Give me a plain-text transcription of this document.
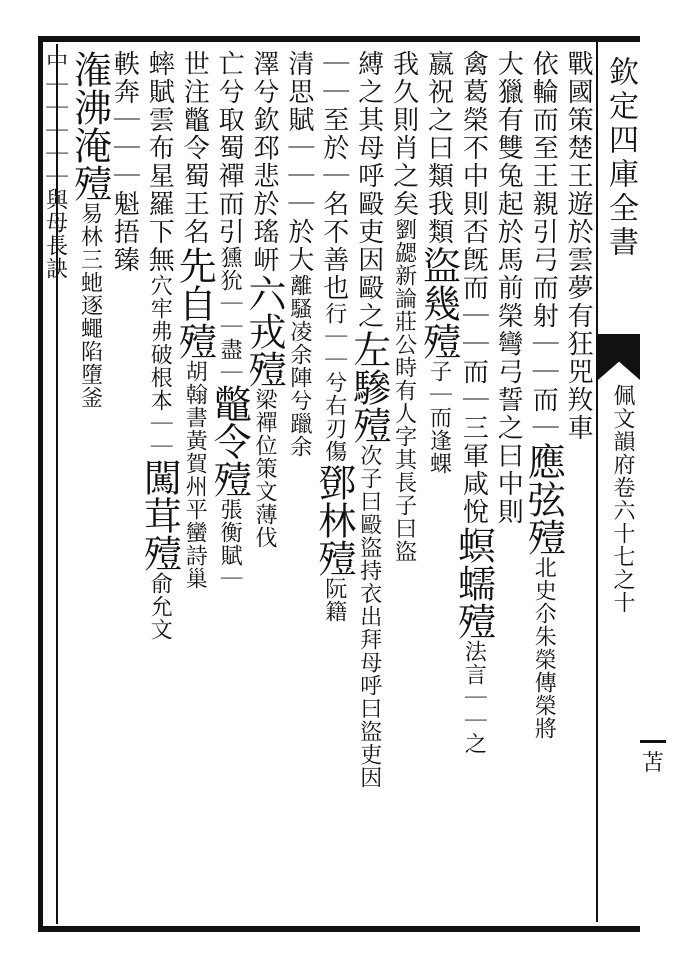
欽定四庫全書
佩文韻府卷六十七之十
苫
戰國策楚王遊於雲夢有狂兕䍩車
依輪而至王親引弓而射｜｜而｜應弦殪北史尒朱榮傳榮將
大獵有雙兔起於馬前榮彎弓誓之曰中則
禽葛榮不中則否旣而｜｜而｜三軍咸悅螟蠕殪法言｜｜之
嬴祝之曰類我類盜幾殪子｜而逢蜾
我久則肖之矣劉勰新論莊公時有人字其長子曰盜
縛之其母呼毆吏因毆之左驂殪次子曰毆盜持衣出拜母呼曰盜吏因
｜｜至於｜名不善也行｜｜兮右刃傷鄧林殪阮籍
清思賦｜｜｜於大離騷凌余陣兮躐余
澤兮欽邳悲於瑤岍六戎殪梁禪位策文薄伐
亡兮取蜀禪而引獯狁｜｜盡｜鼈令殪張衡賦｜
世注鼈令蜀王名先自殪胡翰書黃賀州平蠻詩巢
蟀賦雲布星羅下無穴牢弗破根本｜｜闖茸殪俞允文
軼奔｜｜｜魁捂臻
潅沸淹殪易林三虵逐蠅陷墮釜
中｜｜｜｜｜與母長訣
